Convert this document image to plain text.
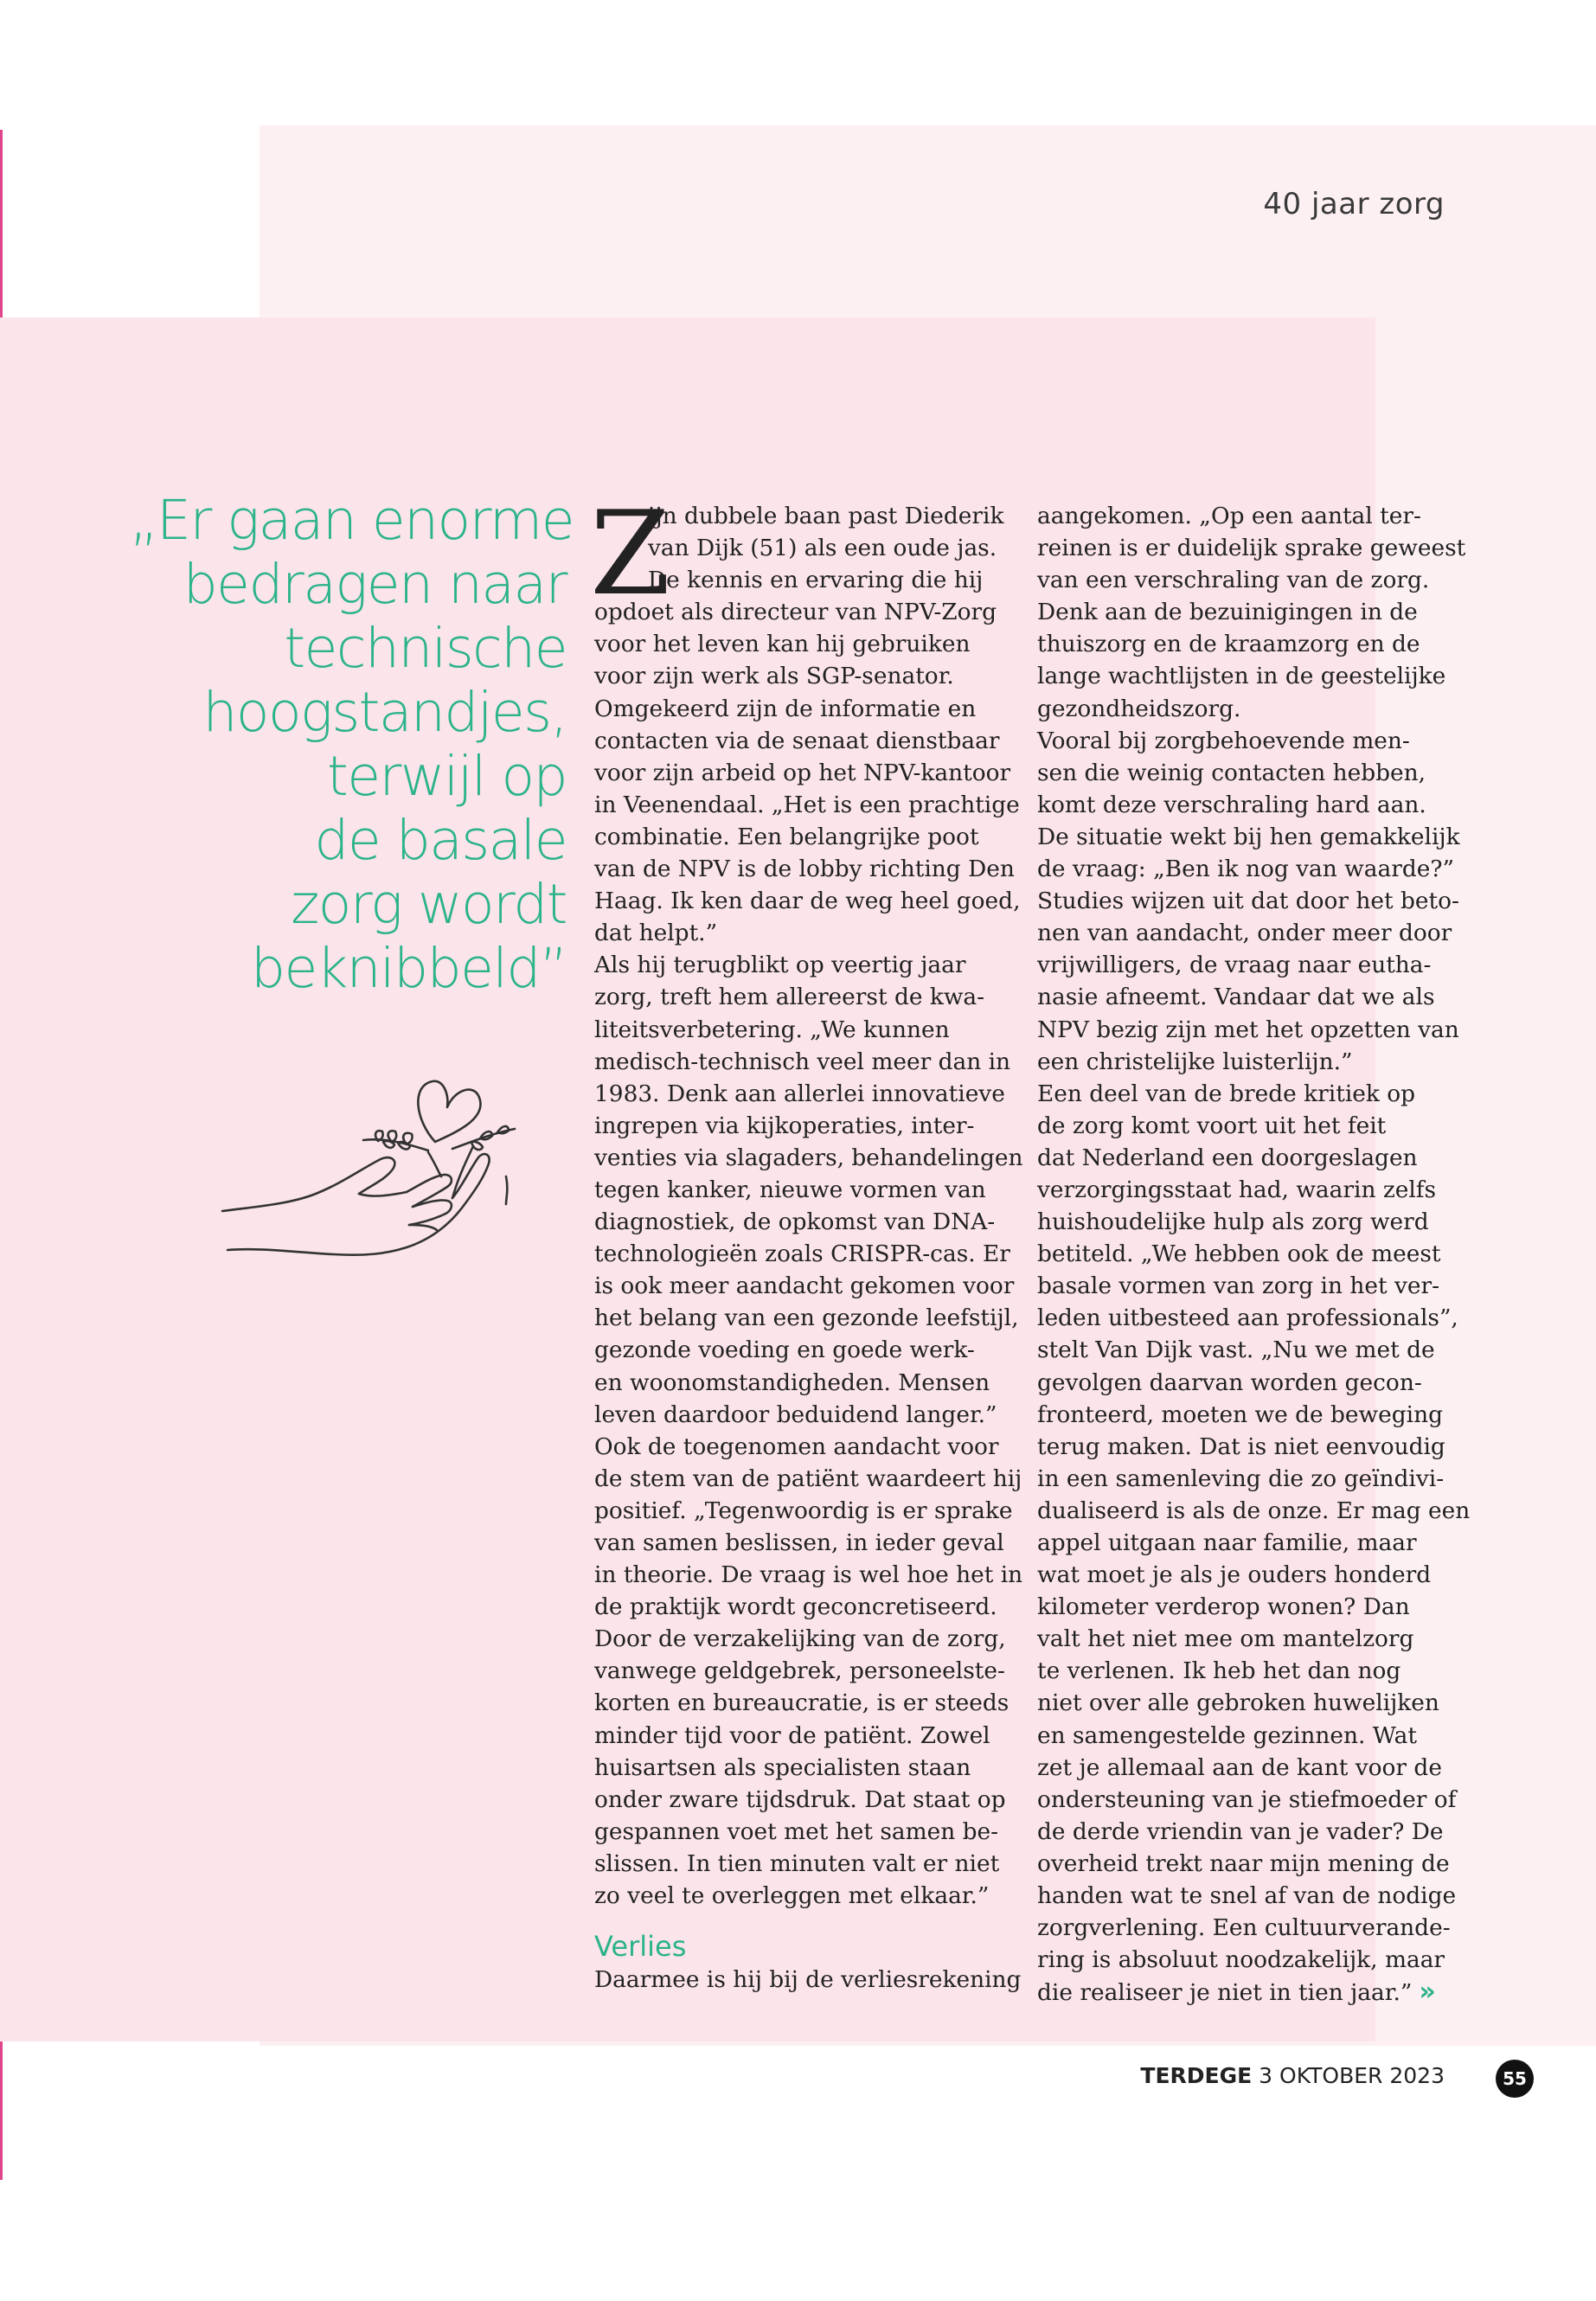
40 jaar zorg
„Er gaan enorme
bedragen naar
technische
hoogstandjes,
terwijl op
de basale
zorg wordt
beknibbeld”
Z
ijn dubbele baan past Diederik
van Dijk (51) als een oude jas.
De kennis en ervaring die hij
opdoet als directeur van NPV-Zorg
voor het leven kan hij gebruiken
voor zijn werk als SGP-senator.
Omgekeerd zijn de informatie en
contacten via de senaat dienstbaar
voor zijn arbeid op het NPV-kantoor
in Veenendaal. „Het is een prachtige
combinatie. Een belangrijke poot
van de NPV is de lobby richting Den
Haag. Ik ken daar de weg heel goed,
dat helpt.”
Als hij terugblikt op veertig jaar
zorg, treft hem allereerst de kwa-
liteitsverbetering. „We kunnen
medisch-technisch veel meer dan in
1983. Denk aan allerlei innovatieve
ingrepen via kijkoperaties, inter-
venties via slagaders, behandelingen
tegen kanker, nieuwe vormen van
diagnostiek, de opkomst van DNA-
technologieën zoals CRISPR-cas. Er
is ook meer aandacht gekomen voor
het belang van een gezonde leefstijl,
gezonde voeding en goede werk-
en woonomstandigheden. Mensen
leven daardoor beduidend langer.”
Ook de toegenomen aandacht voor
de stem van de patiënt waardeert hij
positief. „Tegenwoordig is er sprake
van samen beslissen, in ieder geval
in theorie. De vraag is wel hoe het in
de praktijk wordt geconcretiseerd.
Door de verzakelijking van de zorg,
vanwege geldgebrek, personeelste-
korten en bureaucratie, is er steeds
minder tijd voor de patiënt. Zowel
huisartsen als specialisten staan
onder zware tijdsdruk. Dat staat op
gespannen voet met het samen be-
slissen. In tien minuten valt er niet
zo veel te overleggen met elkaar.”
Verlies
Daarmee is hij bij de verliesrekening
aangekomen. „Op een aantal ter-
reinen is er duidelijk sprake geweest
van een verschraling van de zorg.
Denk aan de bezuinigingen in de
thuiszorg en de kraamzorg en de
lange wachtlijsten in de geestelijke
gezondheidszorg.
Vooral bij zorgbehoevende men-
sen die weinig contacten hebben,
komt deze verschraling hard aan.
De situatie wekt bij hen gemakkelijk
de vraag: „Ben ik nog van waarde?”
Studies wijzen uit dat door het beto-
nen van aandacht, onder meer door
vrijwilligers, de vraag naar eutha-
nasie afneemt. Vandaar dat we als
NPV bezig zijn met het opzetten van
een christelijke luisterlijn.”
Een deel van de brede kritiek op
de zorg komt voort uit het feit
dat Nederland een doorgeslagen
verzorgingsstaat had, waarin zelfs
huishoudelijke hulp als zorg werd
betiteld. „We hebben ook de meest
basale vormen van zorg in het ver-
leden uitbesteed aan professionals”,
stelt Van Dijk vast. „Nu we met de
gevolgen daarvan worden gecon-
fronteerd, moeten we de beweging
terug maken. Dat is niet eenvoudig
in een samenleving die zo geïndivi-
dualiseerd is als de onze. Er mag een
appel uitgaan naar familie, maar
wat moet je als je ouders honderd
kilometer verderop wonen? Dan
valt het niet mee om mantelzorg
te verlenen. Ik heb het dan nog
niet over alle gebroken huwelijken
en samengestelde gezinnen. Wat
zet je allemaal aan de kant voor de
ondersteuning van je stiefmoeder of
de derde vriendin van je vader? De
overheid trekt naar mijn mening de
handen wat te snel af van de nodige
zorgverlening. Een cultuurverande-
ring is absoluut noodzakelijk, maar
die realiseer je niet in tien jaar.” »
TERDEGE 3 OKTOBER 2023	55
